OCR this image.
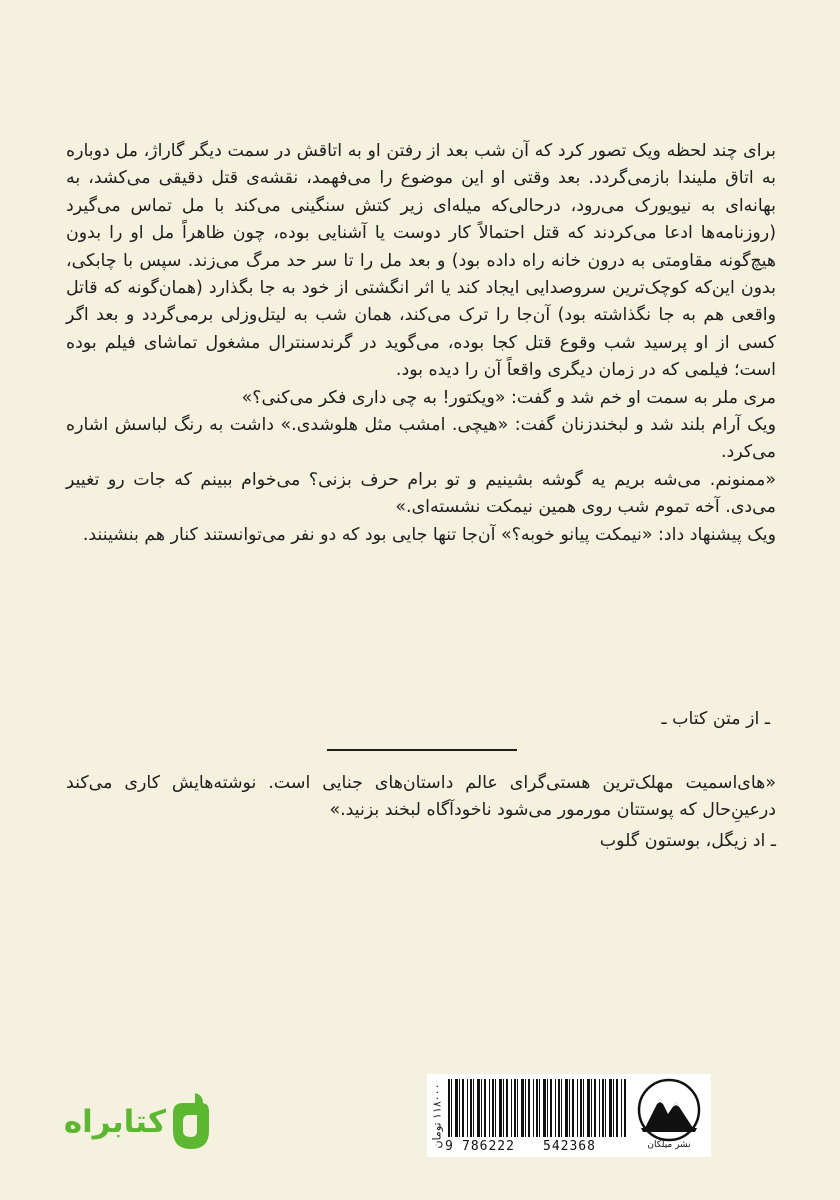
برای چند لحظه ویک تصور کرد که آن شب بعد از رفتن او به اتاقش در سمت دیگر گاراژ، مل دوباره به اتاق ملیندا بازمی‌گردد. بعد وقتی او این موضوع را می‌فهمد، نقشه‌ی قتل دقیقی می‌کشد، به بهانه‌ای به نیویورک می‌رود، درحالی‌که میله‌ای زیر کتش سنگینی می‌کند با مل تماس می‌گیرد (روزنامه‌ها ادعا می‌کردند که قتل احتمالاً کار دوست یا آشنایی بوده، چون ظاهراً مل او را بدون هیچ‌گونه مقاومتی به درون خانه راه داده بود) و بعد مل را تا سر حد مرگ می‌زند. سپس با چابکی، بدون این‌که کوچک‌ترین سروصدایی ایجاد کند یا اثر انگشتی از خود به جا بگذارد (همان‌گونه که قاتل واقعی هم به جا نگذاشته بود) آن‌جا را ترک می‌کند، همان شب به لیتل‌وزلی برمی‌گردد و بعد اگر کسی از او پرسید شب وقوع قتل کجا بوده، می‌گوید در گرندسنترال مشغول تماشای فیلم بوده است؛ فیلمی که در زمان دیگری واقعاً آن را دیده بود.

مری ملر به سمت او خم شد و گفت: «ویکتور! به چی داری فکر می‌کنی؟»

ویک آرام بلند شد و لبخندزنان گفت: «هیچی. امشب مثل هلوشدی.» داشت به رنگ لباسش اشاره می‌کرد.

«ممنونم. می‌شه بریم یه گوشه بشینیم و تو برام حرف بزنی؟ می‌خوام ببینم که جات رو تغییر می‌دی. آخه تموم شب روی همین نیمکت نشسته‌ای.»

ویک پیشنهاد داد: «نیمکت پیانو خوبه؟» آن‌جا تنها جایی بود که دو نفر می‌توانستند کنار هم بنشینند.

ـ از متن کتاب ـ

«های‌اسمیت مهلک‌ترین هستی‌گرای عالم داستان‌های جنایی است. نوشته‌هایش کاری می‌کند درعینِ‌حال که پوستتان مورمور می‌شود ناخودآگاه لبخند بزنید.»

ـ اد زیگل، بوستون گلوب

۱۱۸۰۰۰ تومان
9 786222 542368	نشر میلکان
کتابراه
